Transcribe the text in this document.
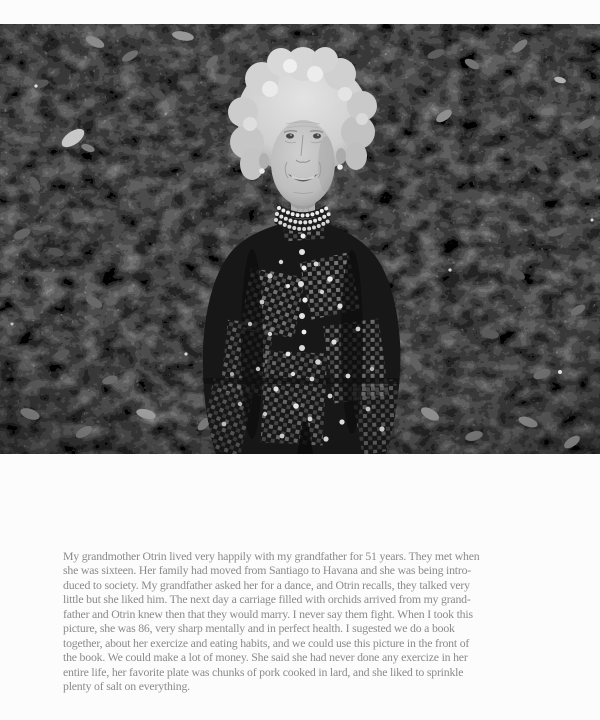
My grandmother Otrin lived very happily with my grandfather for 51 years. They met when
she was sixteen. Her family had moved from Santiago to Havana and she was being intro-
duced to society. My grandfather asked her for a dance, and Otrin recalls, they talked very
little but she liked him. The next day a carriage filled with orchids arrived from my grand-
father and Otrin knew then that they would marry. I never say them fight. When I took this
picture, she was 86, very sharp mentally and in perfect health. I sugested we do a book
together, about her exercize and eating habits, and we could use this picture in the front of
the book. We could make a lot of money. She said she had never done any exercize in her
entire life, her favorite plate was chunks of pork cooked in lard, and she liked to sprinkle
plenty of salt on everything.
